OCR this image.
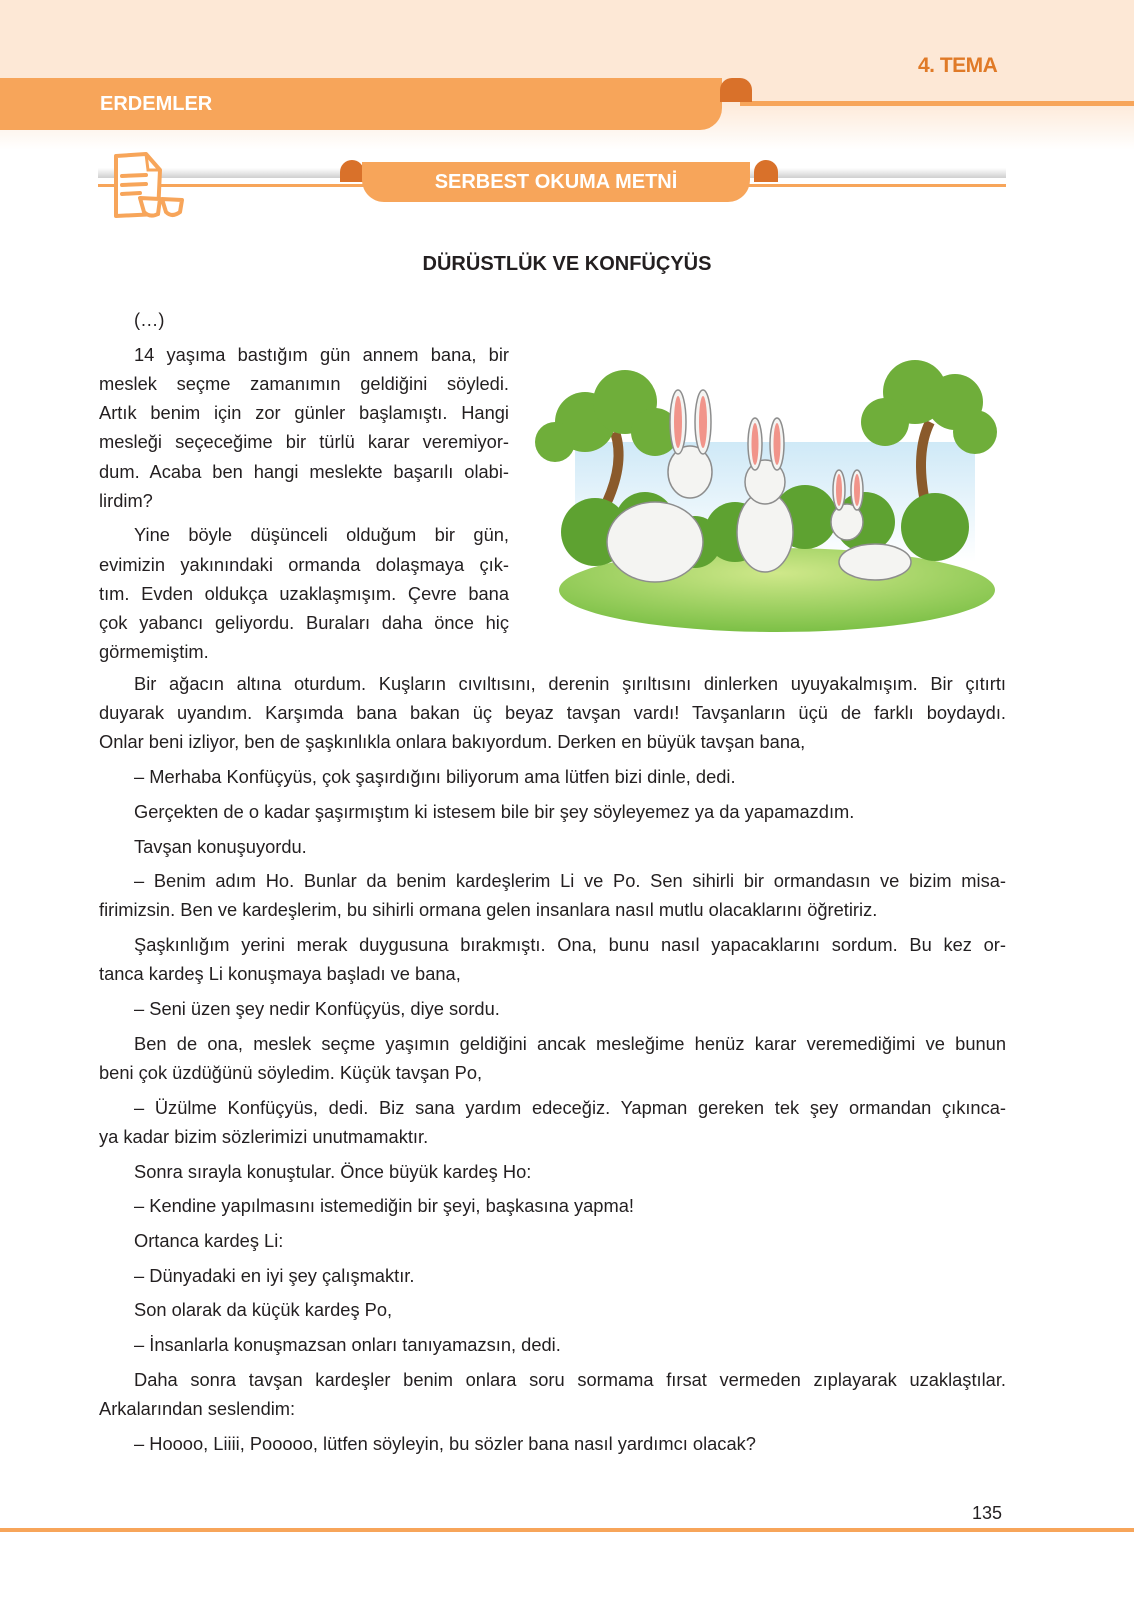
ERDEMLER
4. TEMA
SERBEST OKUMA METNİ
DÜRÜSTLÜK VE KONFÜÇYÜS
(…)
14 yaşıma bastığım gün annem bana, bir
meslek seçme zamanımın geldiğini söyledi.
Artık benim için zor günler başlamıştı. Hangi
mesleği seçeceğime bir türlü karar veremiyor-
dum. Acaba ben hangi meslekte başarılı olabi-
lirdim?
Yine böyle düşünceli olduğum bir gün,
evimizin yakınındaki ormanda dolaşmaya çık-
tım. Evden oldukça uzaklaşmışım. Çevre bana
çok yabancı geliyordu. Buraları daha önce hiç
görmemiştim.
Bir ağacın altına oturdum. Kuşların cıvıltısını, derenin şırıltısını dinlerken uyuyakalmışım. Bir çıtırtı
duyarak uyandım. Karşımda bana bakan üç beyaz tavşan vardı! Tavşanların üçü de farklı boydaydı.
Onlar beni izliyor, ben de şaşkınlıkla onlara bakıyordum. Derken en büyük tavşan bana,
– Merhaba Konfüçyüs, çok şaşırdığını biliyorum ama lütfen bizi dinle, dedi.
Gerçekten de o kadar şaşırmıştım ki istesem bile bir şey söyleyemez ya da yapamazdım.
Tavşan konuşuyordu.
– Benim adım Ho. Bunlar da benim kardeşlerim Li ve Po. Sen sihirli bir ormandasın ve bizim misa-
firimizsin. Ben ve kardeşlerim, bu sihirli ormana gelen insanlara nasıl mutlu olacaklarını öğretiriz.
Şaşkınlığım yerini merak duygusuna bırakmıştı. Ona, bunu nasıl yapacaklarını sordum. Bu kez or-
tanca kardeş Li konuşmaya başladı ve bana,
– Seni üzen şey nedir Konfüçyüs, diye sordu.
Ben de ona, meslek seçme yaşımın geldiğini ancak mesleğime henüz karar veremediğimi ve bunun
beni çok üzdüğünü söyledim. Küçük tavşan Po,
– Üzülme Konfüçyüs, dedi. Biz sana yardım edeceğiz. Yapman gereken tek şey ormandan çıkınca-
ya kadar bizim sözlerimizi unutmamaktır.
Sonra sırayla konuştular. Önce büyük kardeş Ho:
– Kendine yapılmasını istemediğin bir şeyi, başkasına yapma!
Ortanca kardeş Li:
– Dünyadaki en iyi şey çalışmaktır.
Son olarak da küçük kardeş Po,
– İnsanlarla konuşmazsan onları tanıyamazsın, dedi.
Daha sonra tavşan kardeşler benim onlara soru sormama fırsat vermeden zıplayarak uzaklaştılar.
Arkalarından seslendim:
– Hoooo, Liiii, Pooooo, lütfen söyleyin, bu sözler bana nasıl yardımcı olacak?
135
